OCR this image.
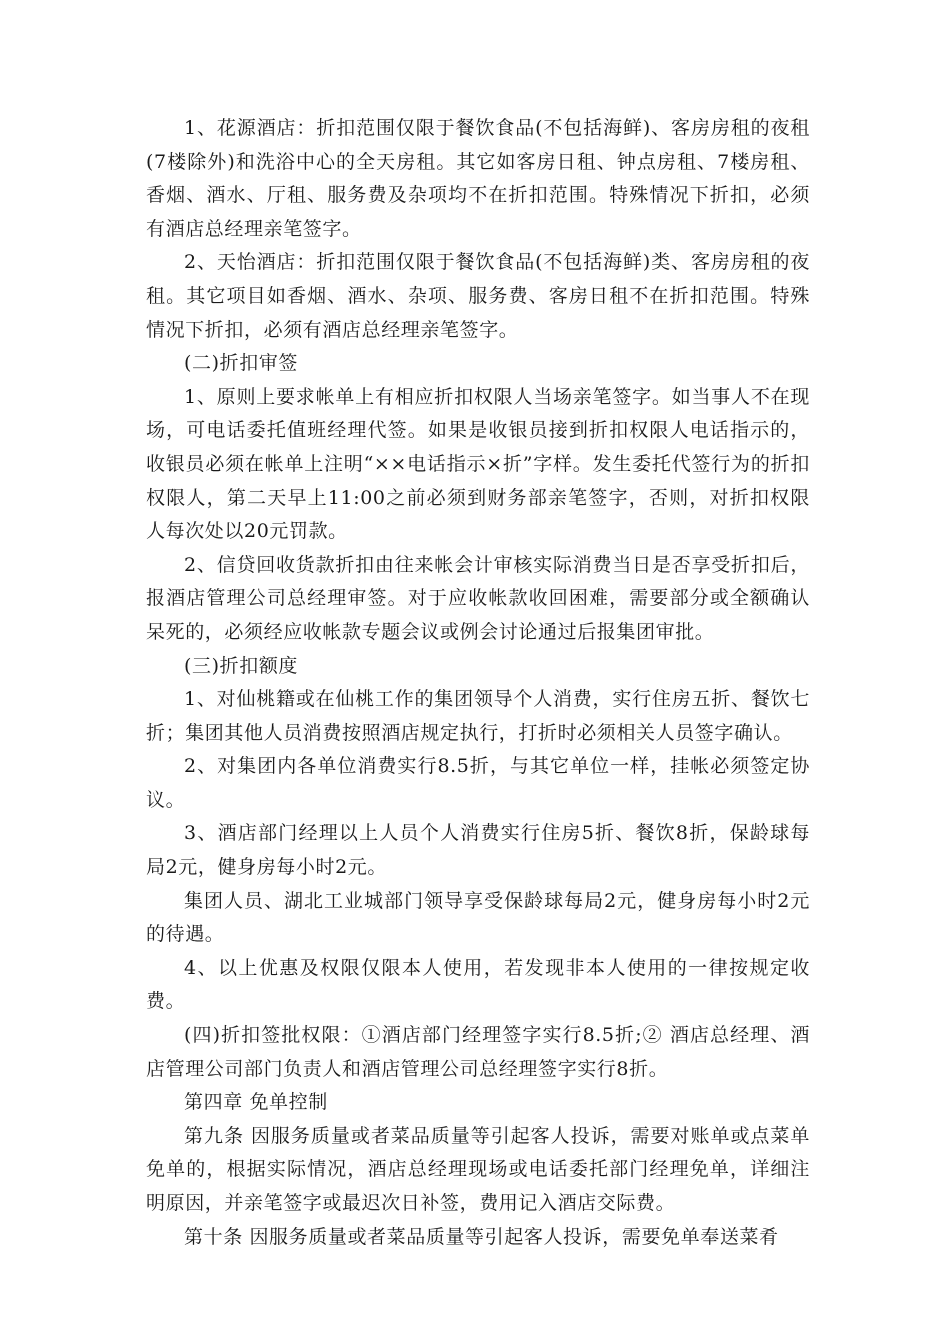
1、花源酒店：折扣范围仅限于餐饮食品(不包括海鲜)、客房房租的夜租(7楼除外)和洗浴中心的全天房租。其它如客房日租、钟点房租、7楼房租、香烟、酒水、厅租、服务费及杂项均不在折扣范围。特殊情况下折扣，必须有酒店总经理亲笔签字。

2、天怡酒店：折扣范围仅限于餐饮食品(不包括海鲜)类、客房房租的夜租。其它项目如香烟、酒水、杂项、服务费、客房日租不在折扣范围。特殊情况下折扣，必须有酒店总经理亲笔签字。

(二)折扣审签

1、原则上要求帐单上有相应折扣权限人当场亲笔签字。如当事人不在现场，可电话委托值班经理代签。如果是收银员接到折扣权限人电话指示的，收银员必须在帐单上注明“××电话指示×折”字样。发生委托代签行为的折扣权限人，第二天早上11:00之前必须到财务部亲笔签字，否则，对折扣权限人每次处以20元罚款。

2、信贷回收货款折扣由往来帐会计审核实际消费当日是否享受折扣后，报酒店管理公司总经理审签。对于应收帐款收回困难，需要部分或全额确认呆死的，必须经应收帐款专题会议或例会讨论通过后报集团审批。

(三)折扣额度

1、对仙桃籍或在仙桃工作的集团领导个人消费，实行住房五折、餐饮七折；集团其他人员消费按照酒店规定执行，打折时必须相关人员签字确认。

2、对集团内各单位消费实行8.5折，与其它单位一样，挂帐必须签定协议。

3、酒店部门经理以上人员个人消费实行住房5折、餐饮8折，保龄球每局2元，健身房每小时2元。

集团人员、湖北工业城部门领导享受保龄球每局2元，健身房每小时2元的待遇。

4、以上优惠及权限仅限本人使用，若发现非本人使用的一律按规定收费。

(四)折扣签批权限：①酒店部门经理签字实行8.5折;② 酒店总经理、酒店管理公司部门负责人和酒店管理公司总经理签字实行8折。

第四章 免单控制

第九条 因服务质量或者菜品质量等引起客人投诉，需要对账单或点菜单免单的，根据实际情况，酒店总经理现场或电话委托部门经理免单，详细注明原因，并亲笔签字或最迟次日补签，费用记入酒店交际费。

第十条 因服务质量或者菜品质量等引起客人投诉，需要免单奉送菜肴
